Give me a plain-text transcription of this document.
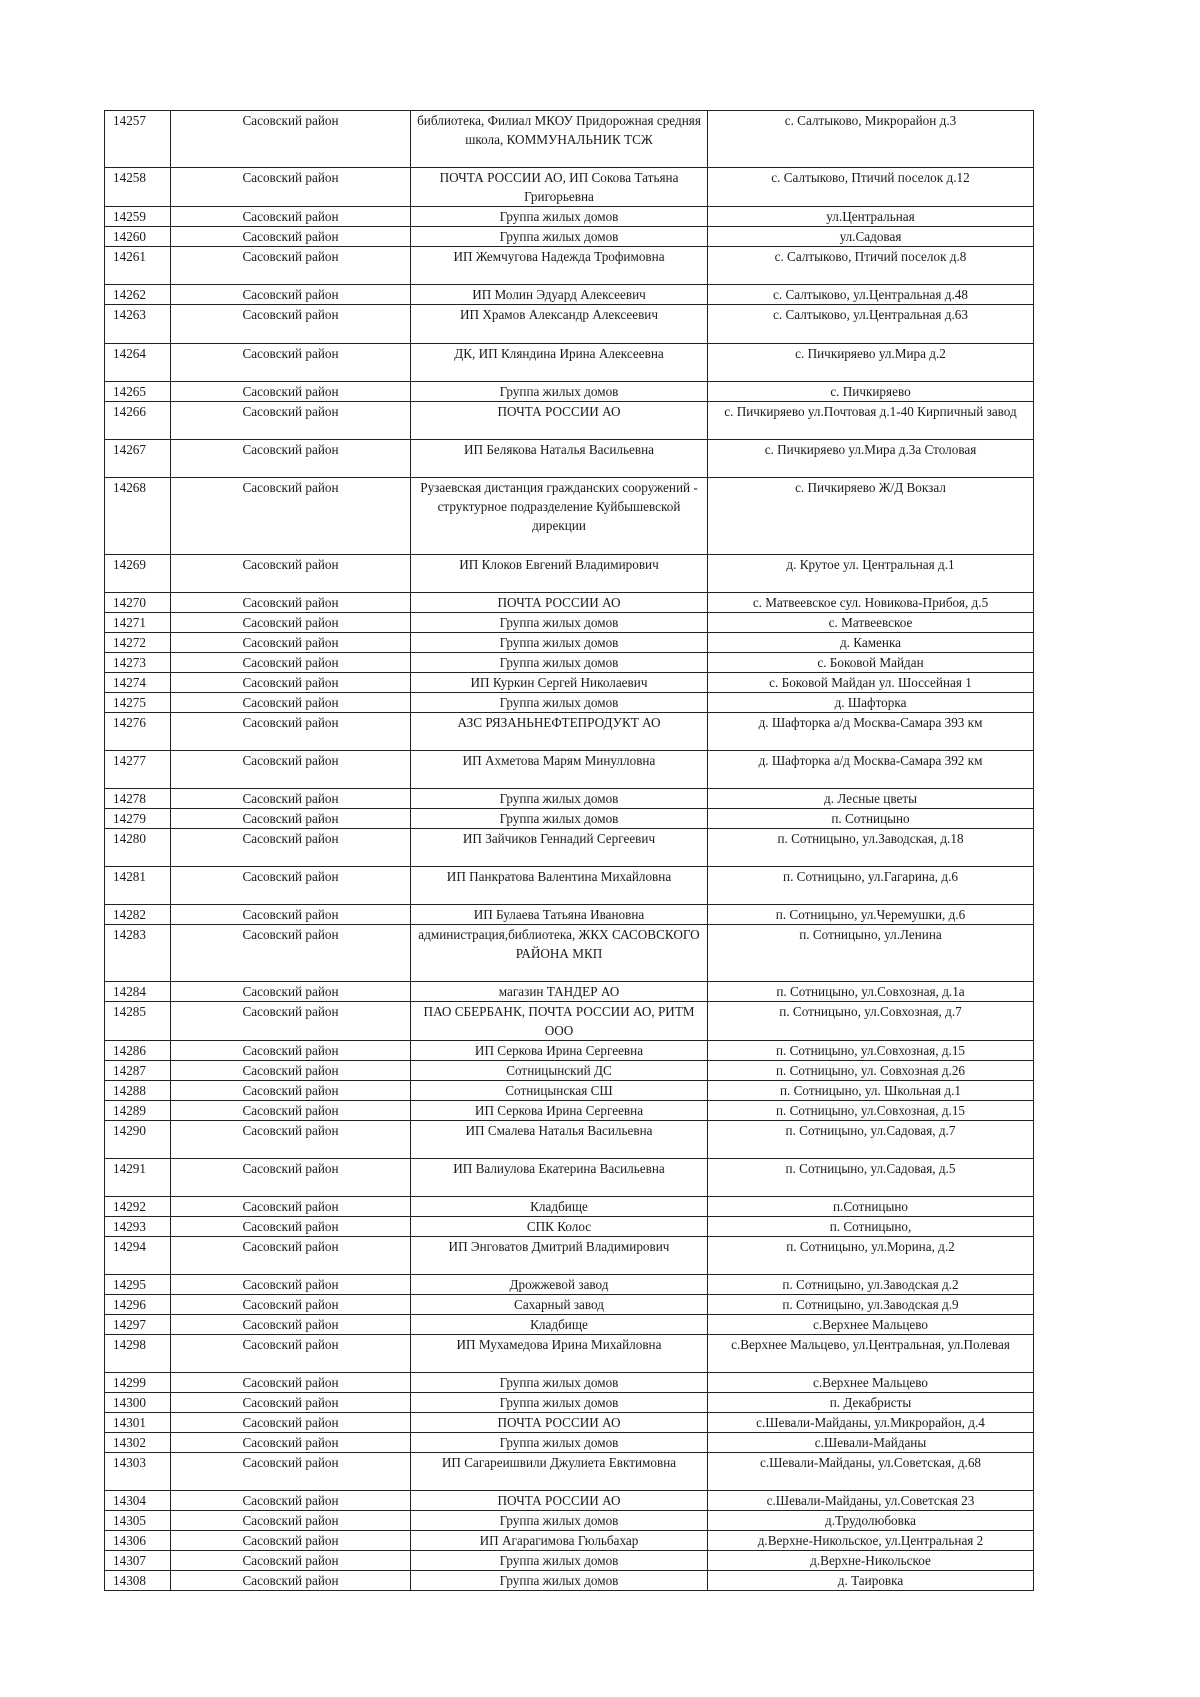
14257	Сасовский район	библиотека, Филиал МКОУ Придорожная средняя школа, КОММУНАЛЬНИК ТСЖ	с. Салтыково, Микрорайон д.3
14258	Сасовский район	ПОЧТА РОССИИ АО, ИП Сокова Татьяна Григорьевна	с. Салтыково, Птичий поселок д.12
14259	Сасовский район	Группа жилых домов	ул.Центральная
14260	Сасовский район	Группа жилых домов	ул.Садовая
14261	Сасовский район	ИП Жемчугова Надежда Трофимовна	с. Салтыково, Птичий поселок д.8
14262	Сасовский район	ИП Молин Эдуард Алексеевич	с. Салтыково, ул.Центральная д.48
14263	Сасовский район	ИП Храмов Александр Алексеевич	с. Салтыково, ул.Центральная д.63
14264	Сасовский район	ДК, ИП Кляндина Ирина Алексеевна	с. Пичкиряево ул.Мира д.2
14265	Сасовский район	Группа жилых домов	с. Пичкиряево
14266	Сасовский район	ПОЧТА РОССИИ АО	с. Пичкиряево ул.Почтовая д.1-40 Кирпичный завод
14267	Сасовский район	ИП Белякова Наталья Васильевна	с. Пичкиряево ул.Мира д.3а Столовая
14268	Сасовский район	Рузаевская дистанция гражданских сооружений - структурное подразделение Куйбышевской дирекции	с. Пичкиряево Ж/Д Вокзал
14269	Сасовский район	ИП Клоков Евгений Владимирович	д. Крутое ул. Центральная д.1
14270	Сасовский район	ПОЧТА РОССИИ АО	с. Матвеевское сул. Новикова-Прибоя, д.5
14271	Сасовский район	Группа жилых домов	с. Матвеевское
14272	Сасовский район	Группа жилых домов	д. Каменка
14273	Сасовский район	Группа жилых домов	с. Боковой Майдан
14274	Сасовский район	ИП Куркин Сергей Николаевич	с. Боковой Майдан ул. Шоссейная 1
14275	Сасовский район	Группа жилых домов	д. Шафторка
14276	Сасовский район	АЗС РЯЗАНЬНЕФТЕПРОДУКТ АО	д. Шафторка а/д Москва-Самара 393 км
14277	Сасовский район	ИП Ахметова Марям Минулловна	д. Шафторка а/д Москва-Самара 392 км
14278	Сасовский район	Группа жилых домов	д. Лесные цветы
14279	Сасовский район	Группа жилых домов	п. Сотницыно
14280	Сасовский район	ИП Зайчиков Геннадий Сергеевич	п. Сотницыно, ул.Заводская, д.18
14281	Сасовский район	ИП Панкратова Валентина Михайловна	п. Сотницыно, ул.Гагарина, д.6
14282	Сасовский район	ИП Булаева Татьяна Ивановна	п. Сотницыно, ул.Черемушки, д.6
14283	Сасовский район	администрация,библиотека, ЖКХ САСОВСКОГО РАЙОНА МКП	п. Сотницыно, ул.Ленина
14284	Сасовский район	магазин ТАНДЕР АО	п. Сотницыно, ул.Совхозная, д.1а
14285	Сасовский район	ПАО СБЕРБАНК, ПОЧТА РОССИИ АО, РИТМ ООО	п. Сотницыно, ул.Совхозная, д.7
14286	Сасовский район	ИП Серкова Ирина Сергеевна	п. Сотницыно, ул.Совхозная, д.15
14287	Сасовский район	Сотницынский ДС	п. Сотницыно, ул. Совхозная д.26
14288	Сасовский район	Сотницынская СШ	п. Сотницыно, ул. Школьная д.1
14289	Сасовский район	ИП Серкова Ирина Сергеевна	п. Сотницыно, ул.Совхозная, д.15
14290	Сасовский район	ИП Смалева Наталья Васильевна	п. Сотницыно, ул.Садовая, д.7
14291	Сасовский район	ИП Валиулова Екатерина Васильевна	п. Сотницыно, ул.Садовая, д.5
14292	Сасовский район	Кладбище	п.Сотницыно
14293	Сасовский район	СПК Колос	п. Сотницыно,
14294	Сасовский район	ИП Энговатов Дмитрий Владимирович	п. Сотницыно, ул.Морина, д.2
14295	Сасовский район	Дрожжевой завод	п. Сотницыно, ул.Заводская д.2
14296	Сасовский район	Сахарный завод	п. Сотницыно, ул.Заводская д.9
14297	Сасовский район	Кладбище	с.Верхнее Мальцево
14298	Сасовский район	ИП Мухамедова Ирина Михайловна	с.Верхнее Мальцево, ул.Центральная, ул.Полевая
14299	Сасовский район	Группа жилых домов	с.Верхнее Мальцево
14300	Сасовский район	Группа жилых домов	п. Декабристы
14301	Сасовский район	ПОЧТА РОССИИ АО	с.Шевали-Майданы, ул.Микрорайон, д.4
14302	Сасовский район	Группа жилых домов	с.Шевали-Майданы
14303	Сасовский район	ИП Сагареишвили Джулиета Евктимовна	с.Шевали-Майданы, ул.Советская, д.68
14304	Сасовский район	ПОЧТА РОССИИ АО	с.Шевали-Майданы, ул.Советская 23
14305	Сасовский район	Группа жилых домов	д.Трудолюбовка
14306	Сасовский район	ИП Агарагимова Гюльбахар	д.Верхне-Никольское, ул.Центральная 2
14307	Сасовский район	Группа жилых домов	д.Верхне-Никольское
14308	Сасовский район	Группа жилых домов	д. Таировка
